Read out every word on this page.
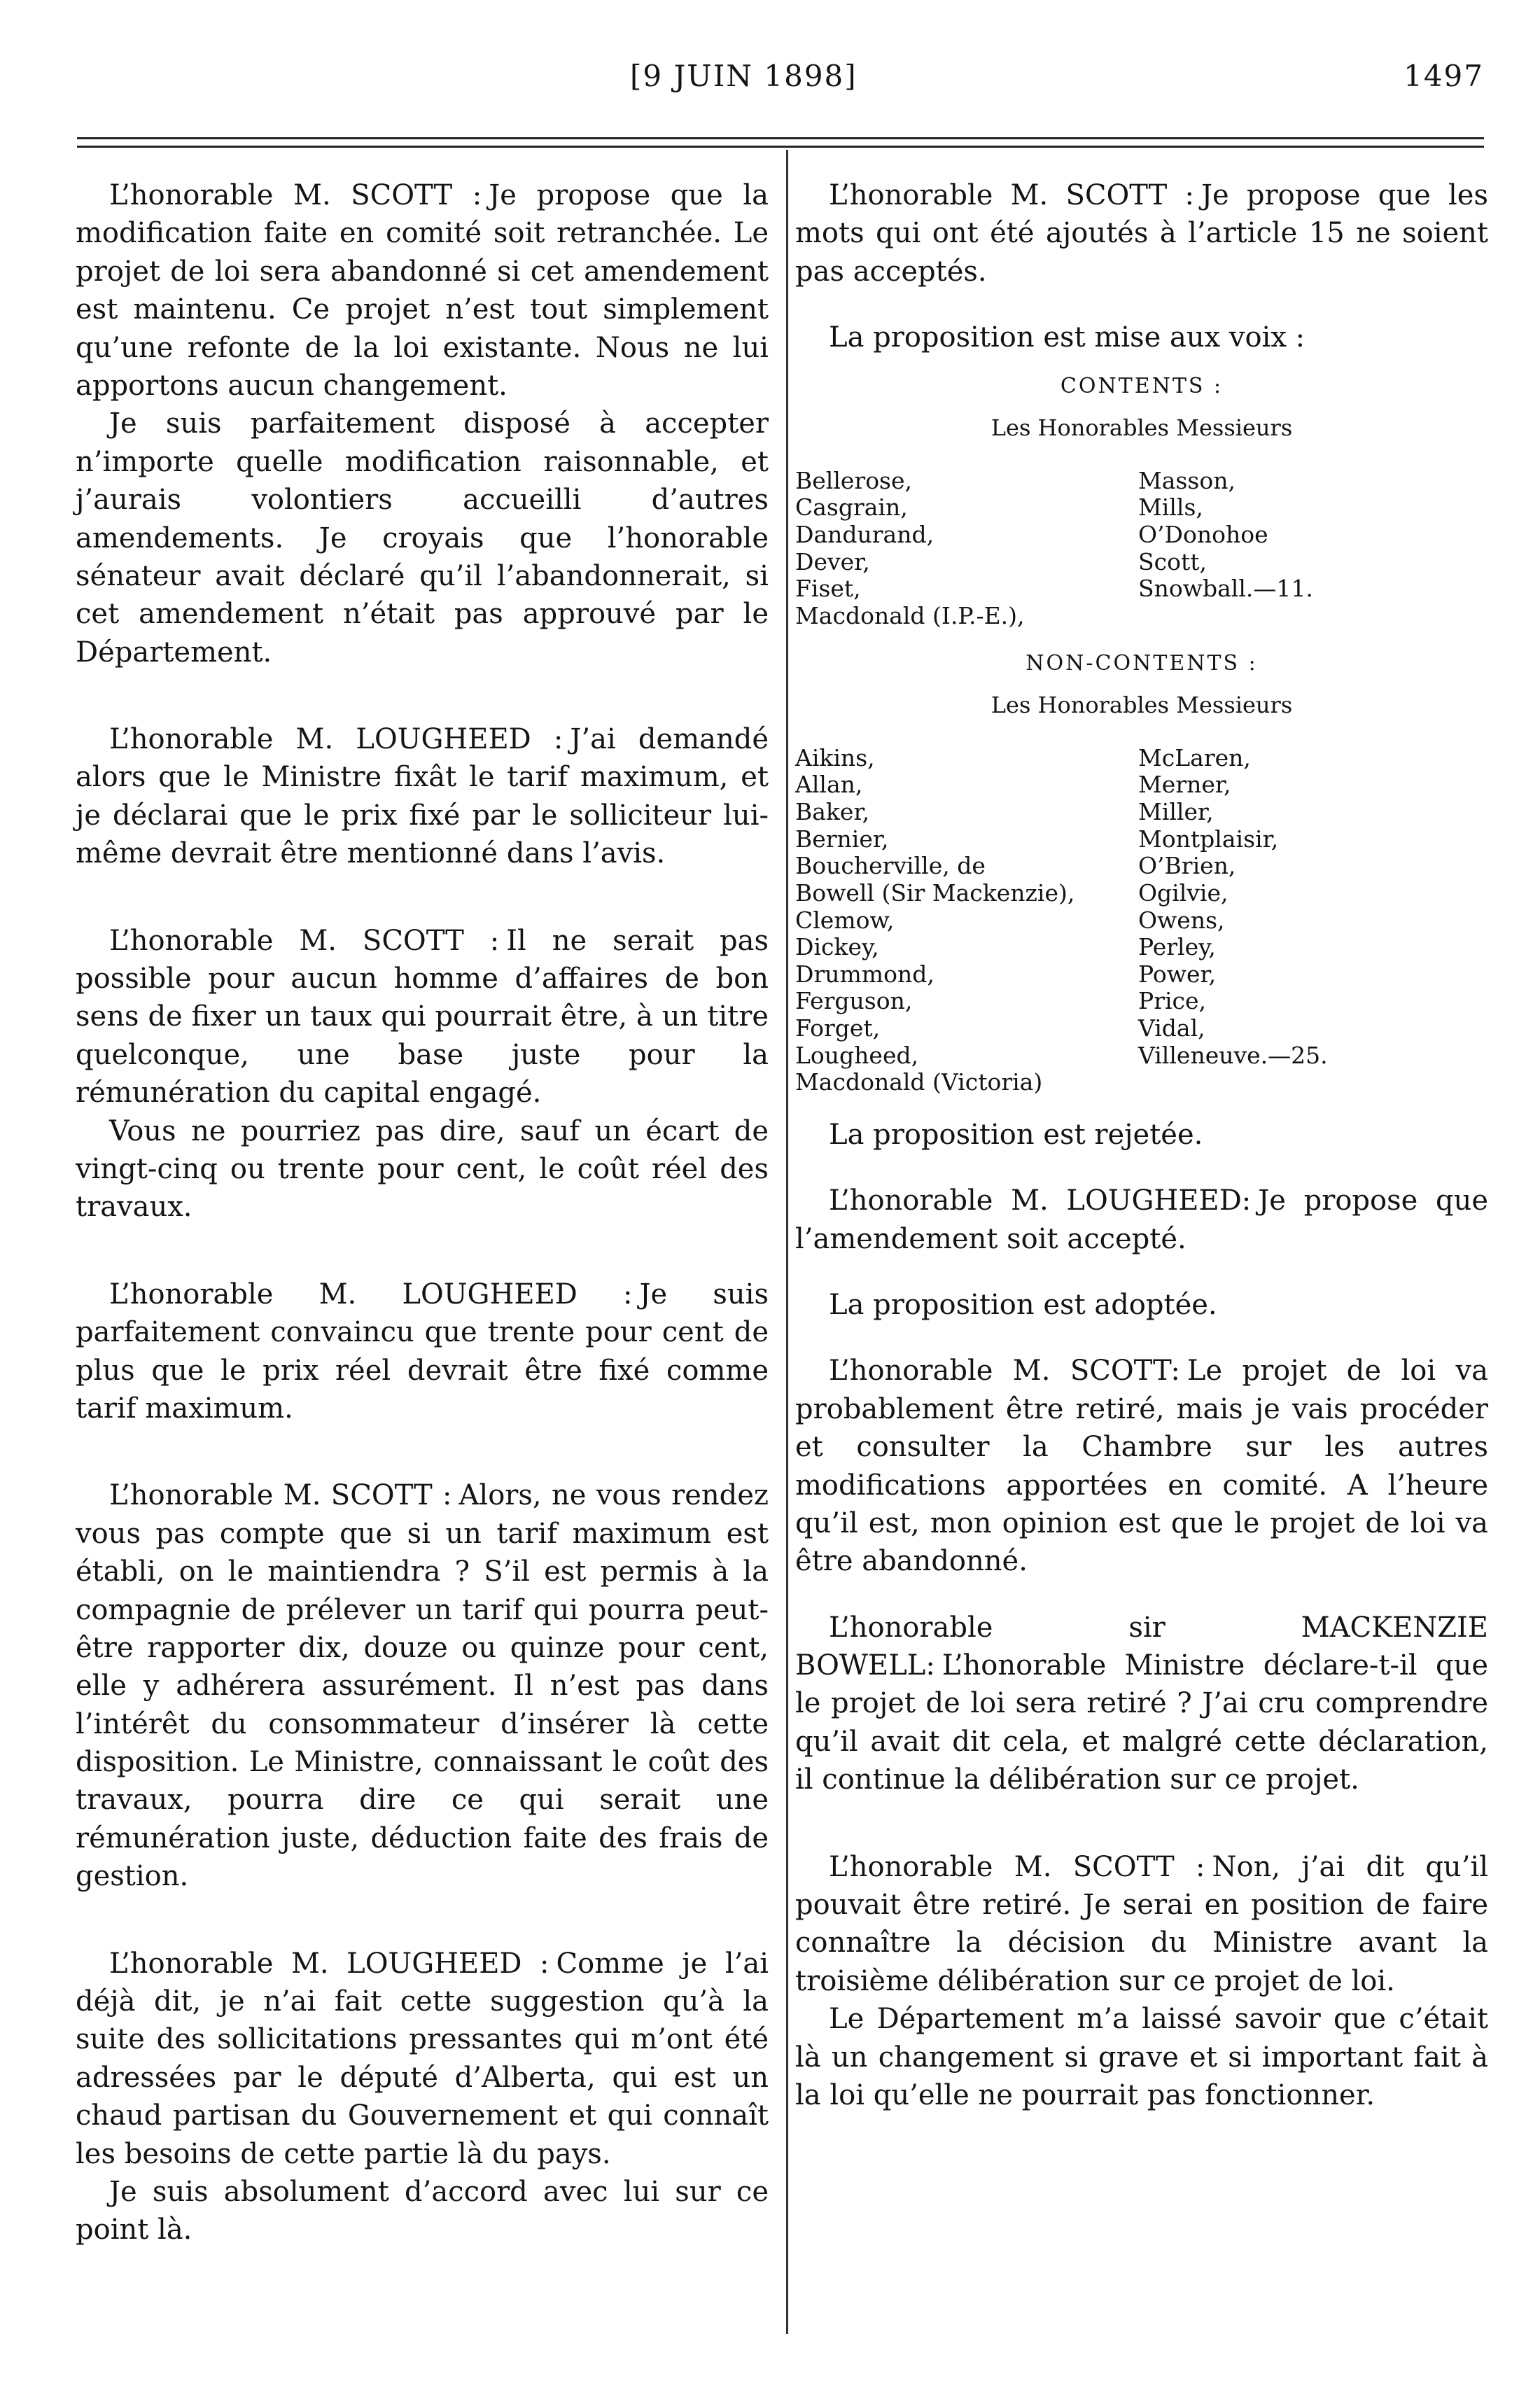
[9 JUIN 1898]	1497

L’honorable M. SCOTT : Je propose que la modification faite en comité soit retranchée. Le projet de loi sera abandonné si cet amendement est maintenu. Ce projet n’est tout simplement qu’une refonte de la loi existante. Nous ne lui apportons aucun changement.

Je suis parfaitement disposé à accepter n’importe quelle modification raisonnable, et j’aurais volontiers accueilli d’autres amendements. Je croyais que l’honorable sénateur avait déclaré qu’il l’abandonnerait, si cet amendement n’était pas approuvé par le Département.

L’honorable M. LOUGHEED : J’ai demandé alors que le Ministre fixât le tarif maximum, et je déclarai que le prix fixé par le solliciteur lui-même devrait être mentionné dans l’avis.

L’honorable M. SCOTT : Il ne serait pas possible pour aucun homme d’affaires de bon sens de fixer un taux qui pourrait être, à un titre quelconque, une base juste pour la rémunération du capital engagé.

Vous ne pourriez pas dire, sauf un écart de vingt-cinq ou trente pour cent, le coût réel des travaux.

L’honorable M. LOUGHEED : Je suis parfaitement convaincu que trente pour cent de plus que le prix réel devrait être fixé comme tarif maximum.

L’honorable M. SCOTT : Alors, ne vous rendez vous pas compte que si un tarif maximum est établi, on le maintiendra ? S’il est permis à la compagnie de prélever un tarif qui pourra peut-être rapporter dix, douze ou quinze pour cent, elle y adhérera assurément. Il n’est pas dans l’intérêt du consommateur d’insérer là cette disposition. Le Ministre, connaissant le coût des travaux, pourra dire ce qui serait une rémunération juste, déduction faite des frais de gestion.

L’honorable M. LOUGHEED : Comme je l’ai déjà dit, je n’ai fait cette suggestion qu’à la suite des sollicitations pressantes qui m’ont été adressées par le député d’Alberta, qui est un chaud partisan du Gouvernement et qui connaît les besoins de cette partie là du pays.

Je suis absolument d’accord avec lui sur ce point là.

L’honorable M. SCOTT : Je propose que les mots qui ont été ajoutés à l’article 15 ne soient pas acceptés.

La proposition est mise aux voix :

CONTENTS :
Les Honorables Messieurs
Bellerose,
Casgrain,
Dandurand,
Dever,
Fiset,
Macdonald (I.P.-E.),
Masson,
Mills,
O’Donohoe
Scott,
Snowball.—11.
NON-CONTENTS :
Les Honorables Messieurs
Aikins,
Allan,
Baker,
Bernier,
Boucherville, de
Bowell (Sir Mackenzie),
Clemow,
Dickey,
Drummond,
Ferguson,
Forget,
Lougheed,
Macdonald (Victoria)
McLaren,
Merner,
Miller,
Montplaisir,
O’Brien,
Ogilvie,
Owens,
Perley,
Power,
Price,
Vidal,
Villeneuve.—25.

La proposition est rejetée.

L’honorable M. LOUGHEED: Je propose que l’amendement soit accepté.

La proposition est adoptée.

L’honorable M. SCOTT: Le projet de loi va probablement être retiré, mais je vais procéder et consulter la Chambre sur les autres modifications apportées en comité. A l’heure qu’il est, mon opinion est que le projet de loi va être abandonné.

L’honorable sir MACKENZIE BOWELL: L’honorable Ministre déclare-t-il que le projet de loi sera retiré ? J’ai cru comprendre qu’il avait dit cela, et malgré cette déclaration, il continue la délibération sur ce projet.

L’honorable M. SCOTT : Non, j’ai dit qu’il pouvait être retiré. Je serai en position de faire connaître la décision du Ministre avant la troisième délibération sur ce projet de loi.

Le Département m’a laissé savoir que c’était là un changement si grave et si important fait à la loi qu’elle ne pourrait pas fonctionner.
